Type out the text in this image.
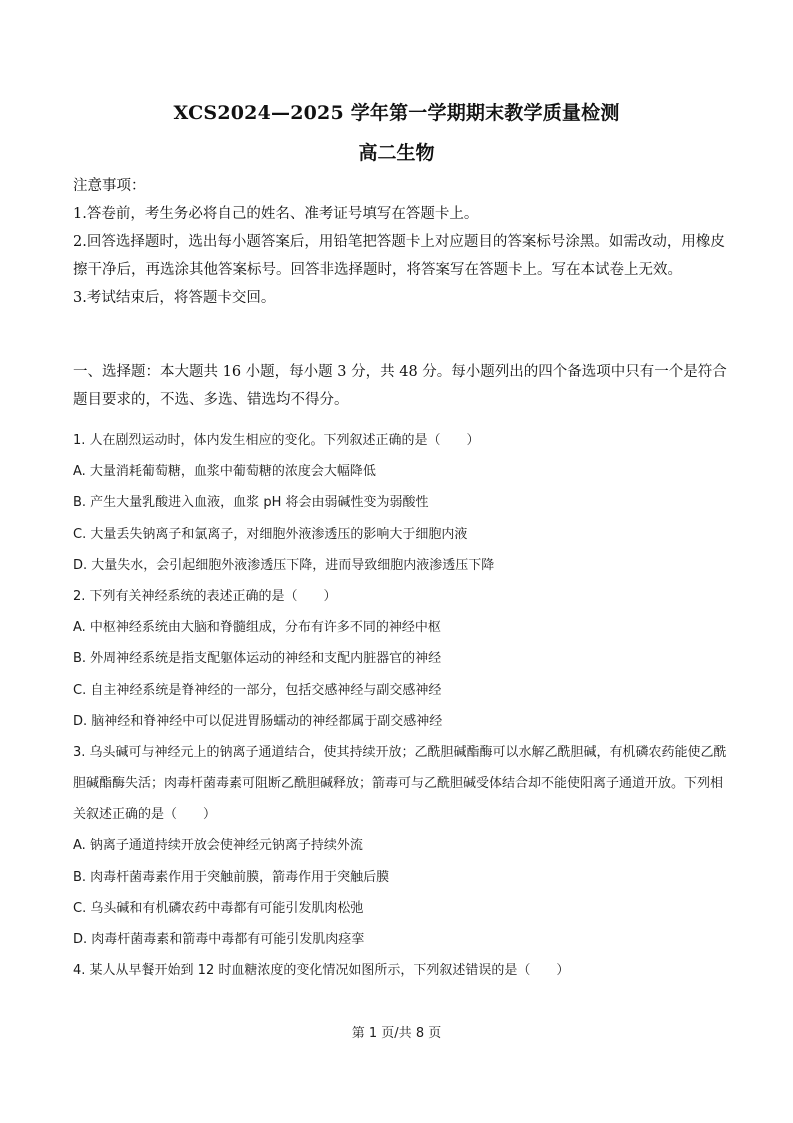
XCS2024—2025 学年第一学期期末教学质量检测
高二生物

注意事项：

1.答卷前，考生务必将自己的姓名、准考证号填写在答题卡上。

2.回答选择题时，选出每小题答案后，用铅笔把答题卡上对应题目的答案标号涂黑。如需改动，用橡皮擦干净后，再选涂其他答案标号。回答非选择题时，将答案写在答题卡上。写在本试卷上无效。

3.考试结束后，将答题卡交回。

一、选择题：本大题共 16 小题，每小题 3 分，共 48 分。每小题列出的四个备选项中只有一个是符合题目要求的，不选、多选、错选均不得分。

1. 人在剧烈运动时，体内发生相应的变化。下列叙述正确的是（　　）
A. 大量消耗葡萄糖，血浆中葡萄糖的浓度会大幅降低
B. 产生大量乳酸进入血液，血浆 pH 将会由弱碱性变为弱酸性
C. 大量丢失钠离子和氯离子，对细胞外液渗透压的影响大于细胞内液
D. 大量失水，会引起细胞外液渗透压下降，进而导致细胞内液渗透压下降
2. 下列有关神经系统的表述正确的是（　　）
A. 中枢神经系统由大脑和脊髓组成，分布有许多不同的神经中枢
B. 外周神经系统是指支配躯体运动的神经和支配内脏器官的神经
C. 自主神经系统是脊神经的一部分，包括交感神经与副交感神经
D. 脑神经和脊神经中可以促进胃肠蠕动的神经都属于副交感神经
3. 乌头碱可与神经元上的钠离子通道结合，使其持续开放；乙酰胆碱酯酶可以水解乙酰胆碱，有机磷农药能使乙酰胆碱酯酶失活；肉毒杆菌毒素可阻断乙酰胆碱释放；箭毒可与乙酰胆碱受体结合却不能使阳离子通道开放。下列相关叙述正确的是（　　）
A. 钠离子通道持续开放会使神经元钠离子持续外流
B. 肉毒杆菌毒素作用于突触前膜，箭毒作用于突触后膜
C. 乌头碱和有机磷农药中毒都有可能引发肌肉松弛
D. 肉毒杆菌毒素和箭毒中毒都有可能引发肌肉痉挛
4. 某人从早餐开始到 12 时血糖浓度的变化情况如图所示，下列叙述错误的是（　　）
第 1 页/共 8 页
